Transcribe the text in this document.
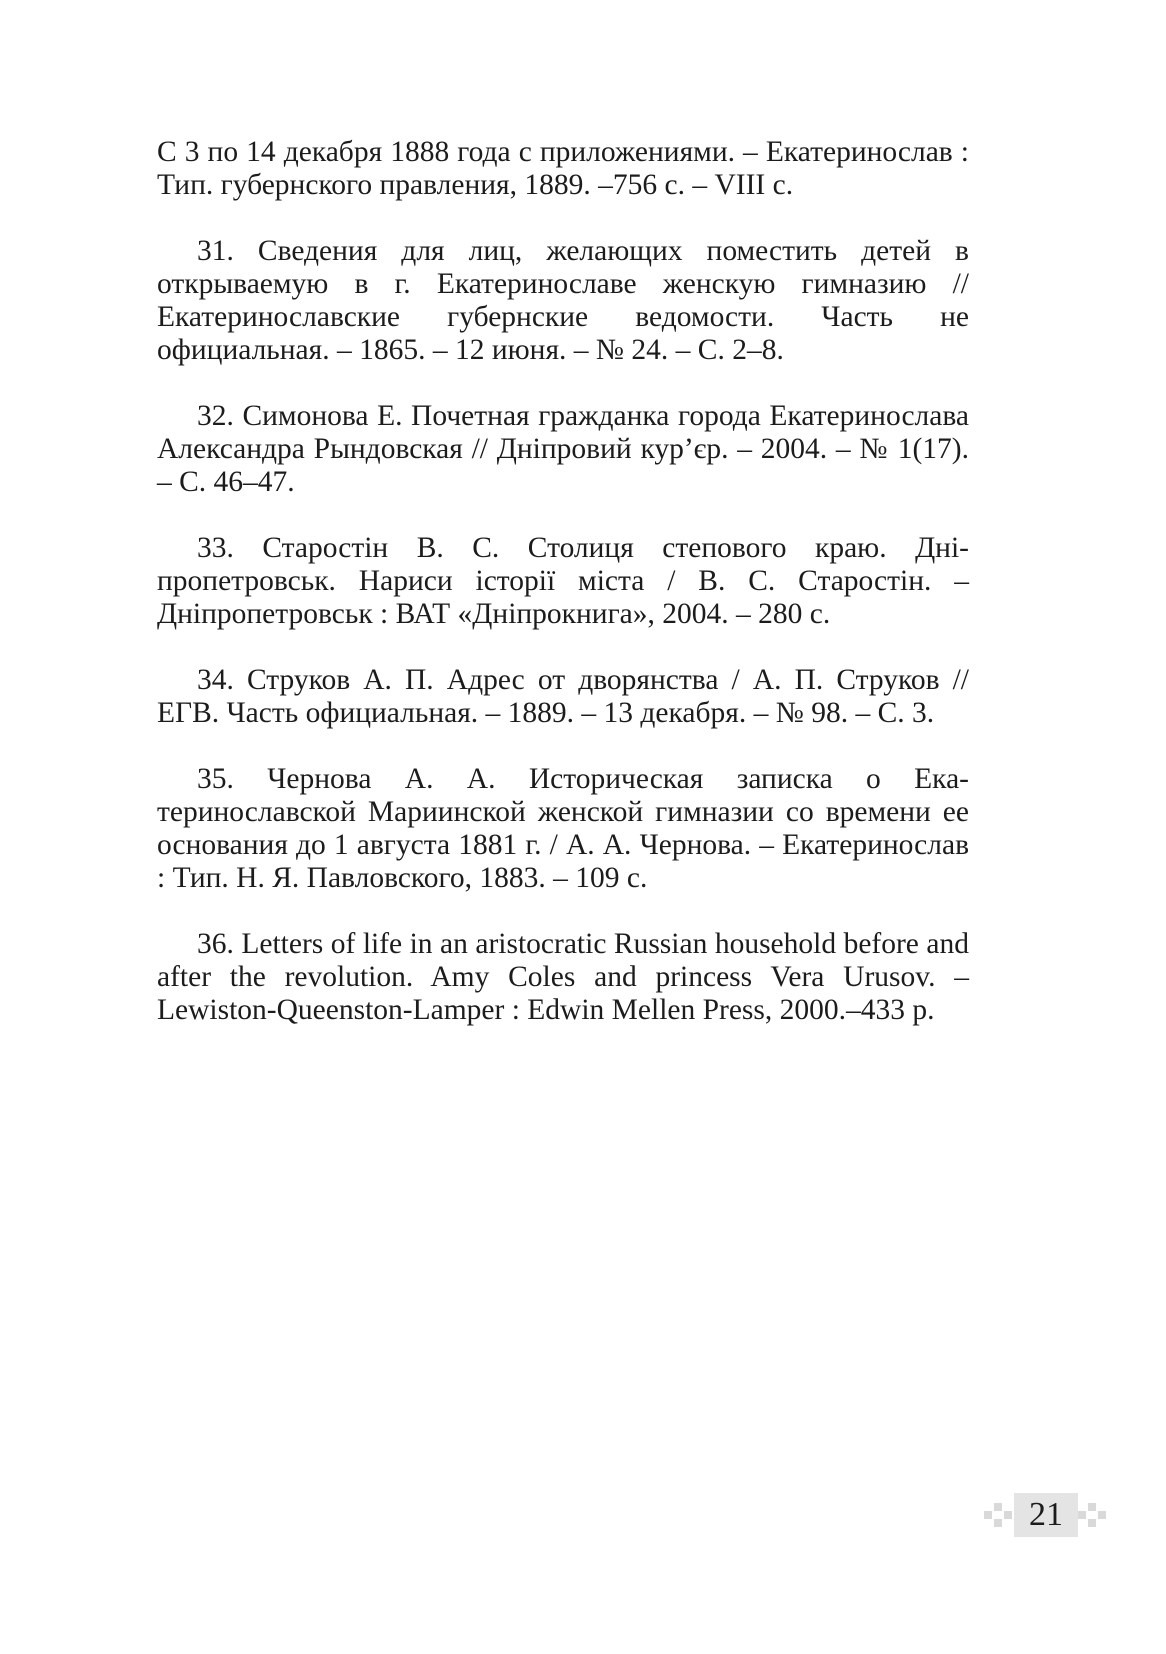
С 3 по 14 декабря 1888 года с приложениями. – Екатеринослав : Тип. губернского правления, 1889. –756 с. – VIII с.

31. Сведения для лиц, желающих поместить детей в открываемую в г. Екатеринославе женскую гимназию // Екатеринославские губернские ведомости. Часть не официальная. – 1865. – 12 июня. – № 24. – С. 2–8.

32. Симонова Е. Почетная гражданка города Екатеринослава Александра Рындовская // Дніпровий кур’єр. – 2004. – № 1(17). – С. 46–47.

33. Старостін В. С. Столиця степового краю. Дніпропетровськ. Нариси історії міста / В. С. Старостін. – Дніпропетровськ : ВАТ «Дніпрокнига», 2004. – 280 с.

34. Струков А. П. Адрес от дворянства / А. П. Струков // ЕГВ. Часть официальная. – 1889. – 13 декабря. – № 98. – С. 3.

35. Чернова А. А. Историческая записка о Екатеринославской Мариинской женской гимназии со времени ее основания до 1 августа 1881 г. / А. А. Чернова. – Екатеринослав : Тип. Н. Я. Павловского, 1883. – 109 с.

36. Letters of life in an aristocratic Russian household before and after the revolution. Amy Coles and princess Vera Urusov. – Lewiston-Queenston-Lamper : Edwin Mellen Press, 2000.–433 p.

21
